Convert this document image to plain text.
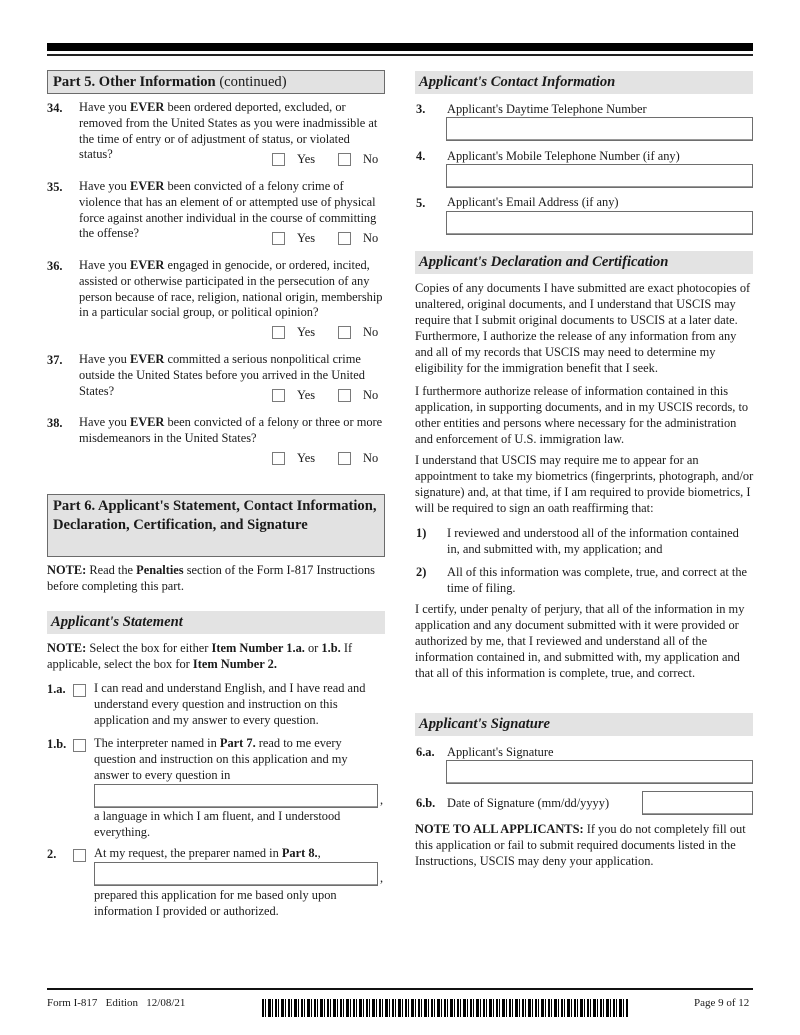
Part 5. Other Information (continued)
34. Have you EVER been ordered deported, excluded, or removed from the United States as you were inadmissible at the time of entry or of adjustment of status, or violated status?	Yes	No
35. Have you EVER been convicted of a felony crime of violence that has an element of or attempted use of physical force against another individual in the course of committing the offense?	Yes	No
36. Have you EVER engaged in genocide, or ordered, incited, assisted or otherwise participated in the persecution of any person because of race, religion, national origin, membership in a particular social group, or political opinion?
Yes	No
37. Have you EVER committed a serious nonpolitical crime outside the United States before you arrived in the United States?	Yes	No
38. Have you EVER been convicted of a felony or three or more misdemeanors in the United States?
Yes	No
Part 6. Applicant's Statement, Contact Information, Declaration, Certification, and Signature
NOTE: Read the Penalties section of the Form I-817 Instructions before completing this part.
Applicant's Statement
NOTE: Select the box for either Item Number 1.a. or 1.b. If applicable, select the box for Item Number 2.
1.a. I can read and understand English, and I have read and understand every question and instruction on this application and my answer to every question.
1.b. The interpreter named in Part 7. read to me every question and instruction on this application and my answer to every question in
,
a language in which I am fluent, and I understood everything.
2.	At my request, the preparer named in Part 8.,
,
prepared this application for me based only upon information I provided or authorized.
Applicant's Contact Information
3. Applicant's Daytime Telephone Number
4. Applicant's Mobile Telephone Number (if any)
5. Applicant's Email Address (if any)
Applicant's Declaration and Certification
Copies of any documents I have submitted are exact photocopies of unaltered, original documents, and I understand that USCIS may require that I submit original documents to USCIS at a later date. Furthermore, I authorize the release of any information from any and all of my records that USCIS may need to determine my eligibility for the immigration benefit that I seek.
I furthermore authorize release of information contained in this application, in supporting documents, and in my USCIS records, to other entities and persons where necessary for the administration and enforcement of U.S. immigration law.
I understand that USCIS may require me to appear for an appointment to take my biometrics (fingerprints, photograph, and/or signature) and, at that time, if I am required to provide biometrics, I will be required to sign an oath reaffirming that:
1) I reviewed and understood all of the information contained in, and submitted with, my application; and
2) All of this information was complete, true, and correct at the time of filing.
I certify, under penalty of perjury, that all of the information in my application and any document submitted with it were provided or authorized by me, that I reviewed and understand all of the information contained in, and submitted with, my application and that all of this information is complete, true, and correct.
Applicant's Signature
6.a. Applicant's Signature
6.b. Date of Signature (mm/dd/yyyy)
NOTE TO ALL APPLICANTS: If you do not completely fill out this application or fail to submit required documents listed in the Instructions, USCIS may deny your application.
Form I-817   Edition   12/08/21	Page 9 of 12
